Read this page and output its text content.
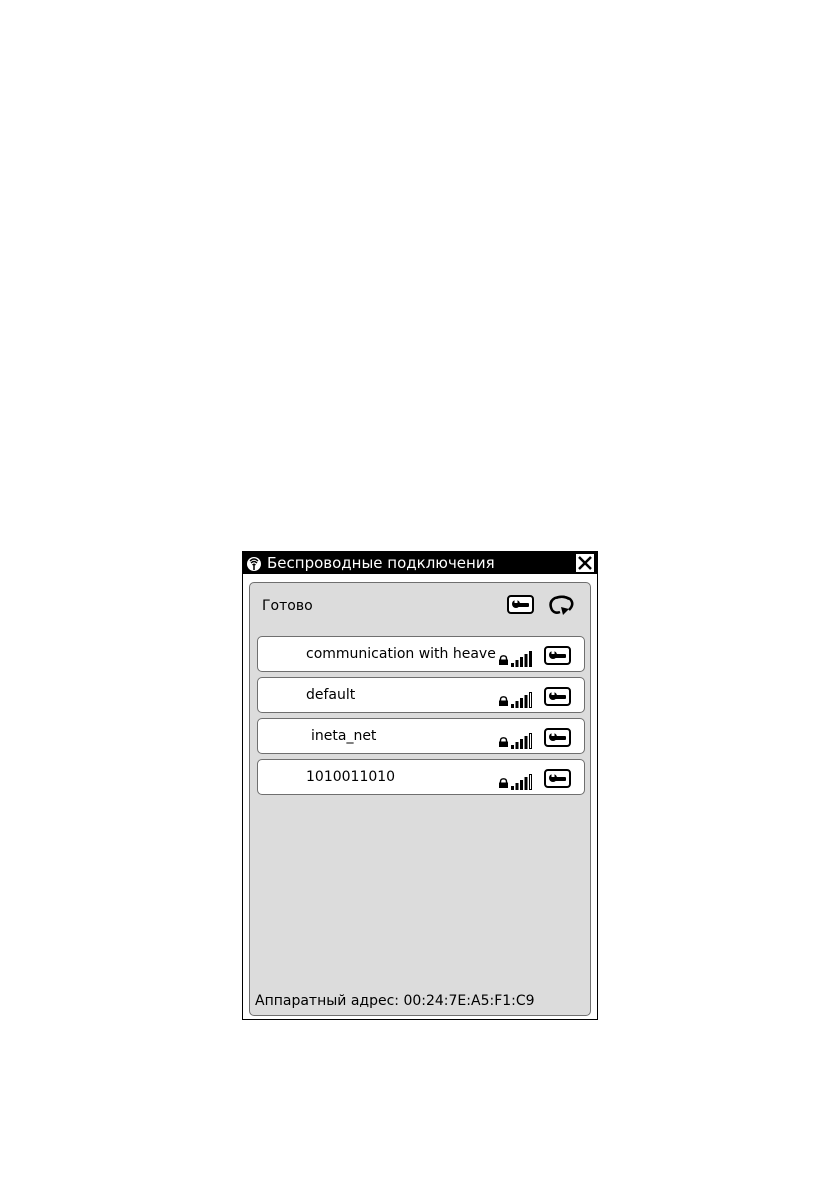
Беспроводные подключения
Готово
communication with heave
default
ineta_net
1010011010
Аппаратный адрес: 00:24:7E:A5:F1:C9
